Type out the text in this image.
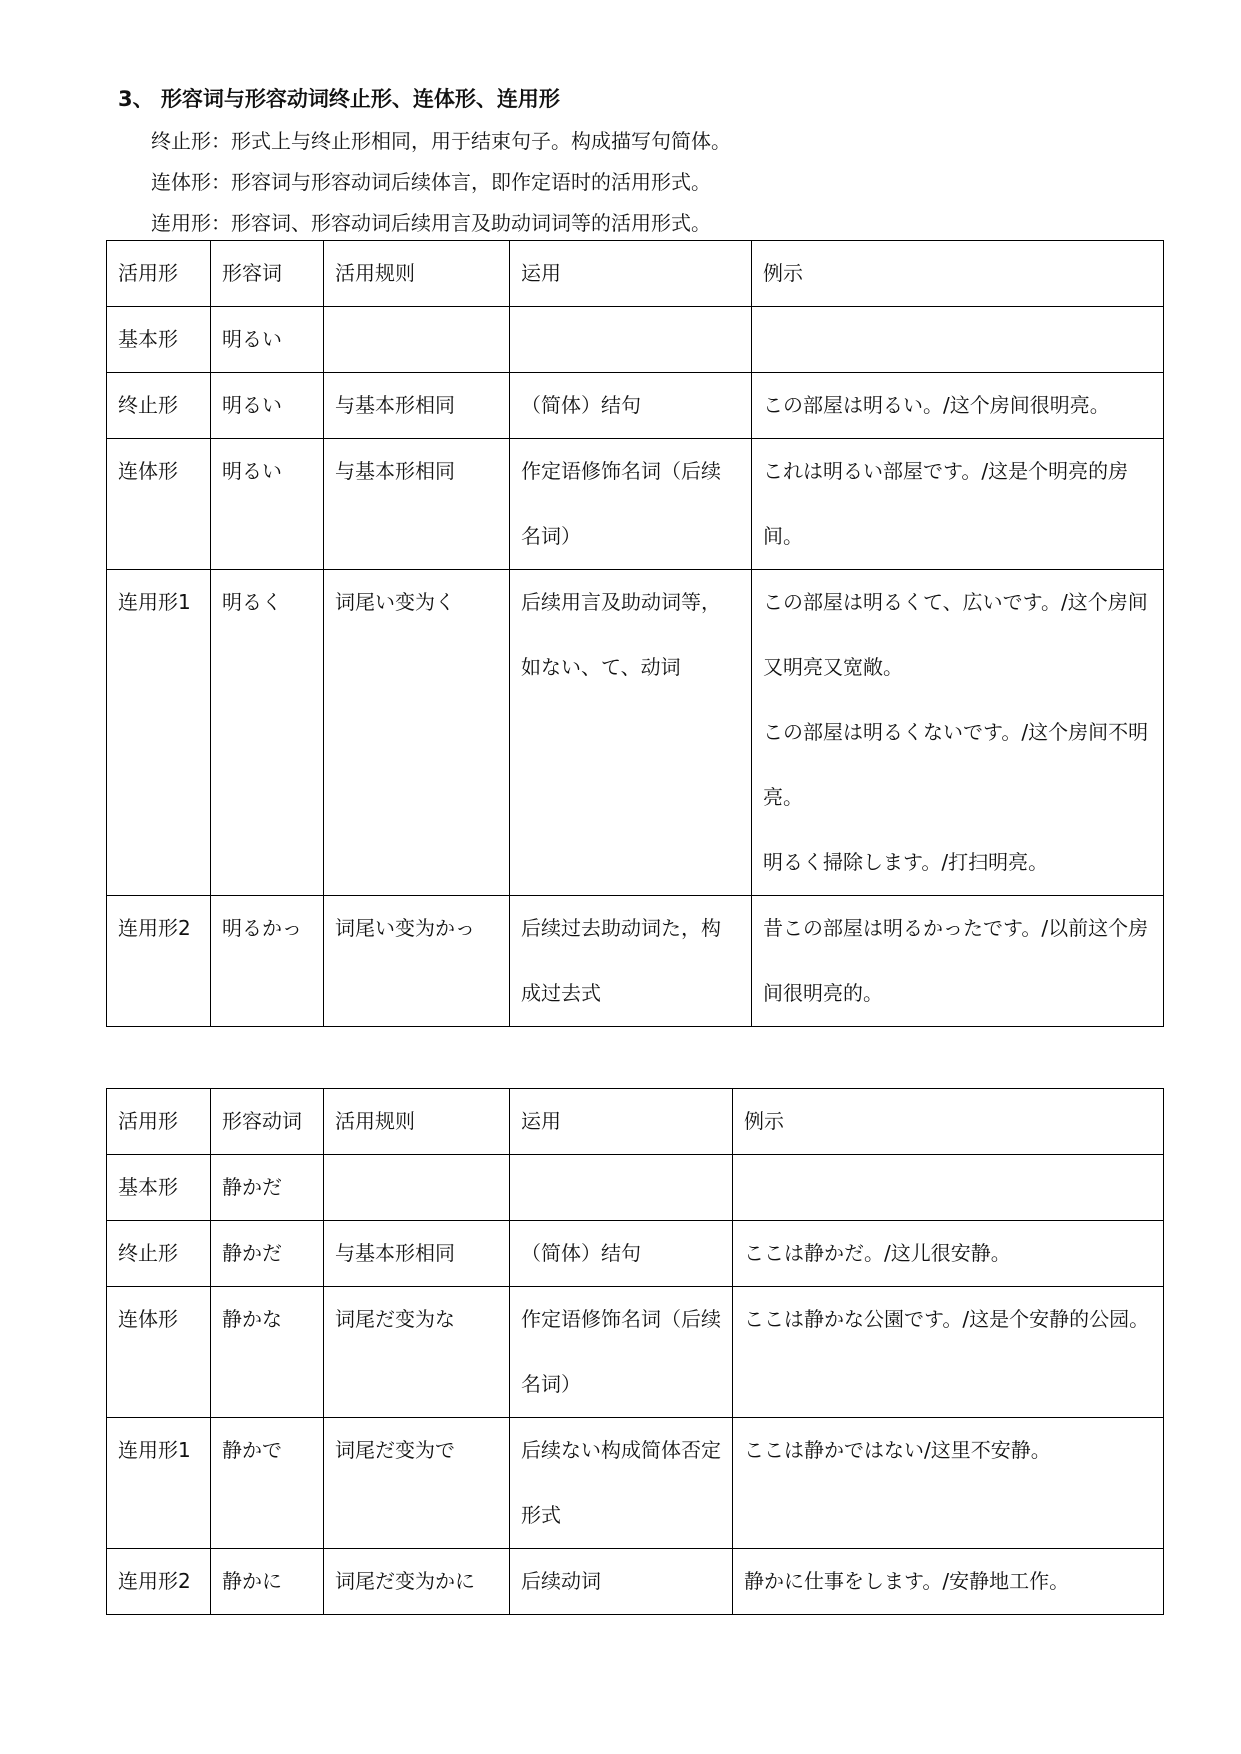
3、 形容词与形容动词终止形、连体形、连用形
终止形：形式上与终止形相同，用于结束句子。构成描写句简体。
连体形：形容词与形容动词后续体言，即作定语时的活用形式。
连用形：形容词、形容动词后续用言及助动词词等的活用形式。
活用形	形容词	活用规则	运用	例示
基本形	明るい			
终止形	明るい	与基本形相同	（简体）结句	この部屋は明るい。/这个房间很明亮。
连体形	明るい	与基本形相同	作定语修饰名词（后续名词）	これは明るい部屋です。/这是个明亮的房间。
连用形1	明るく	词尾い变为く	后续用言及助动词等，如ない、て、动词	この部屋は明るくて、広いです。/这个房间又明亮又宽敞。
この部屋は明るくないです。/这个房间不明亮。
明るく掃除します。/打扫明亮。

连用形2	明るかっ	词尾い变为かっ	后续过去助动词た，构成过去式	昔この部屋は明るかったです。/以前这个房间很明亮的。
活用形	形容动词	活用规则	运用	例示
基本形	静かだ			
终止形	静かだ	与基本形相同	（简体）结句	ここは静かだ。/这儿很安静。
连体形	静かな	词尾だ变为な	作定语修饰名词（后续名词）	ここは静かな公園です。/这是个安静的公园。
连用形1	静かで	词尾だ变为で	后续ない构成简体否定形式	ここは静かではない/这里不安静。
连用形2	静かに	词尾だ变为かに	后续动词	静かに仕事をします。/安静地工作。
